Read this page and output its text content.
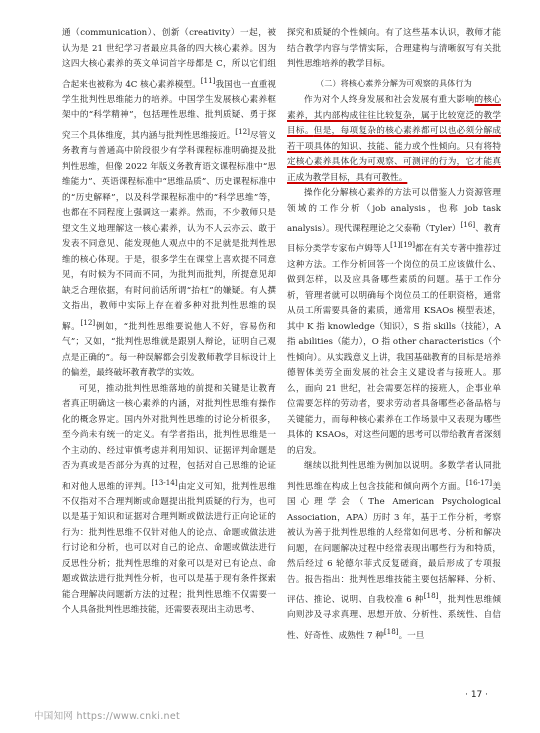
通（communication）、创新（creativity）一起，被认为是 21 世纪学习者最应具备的四大核心素养。因为这四大核心素养的英文单词首字母都是 C，所以它们组合起来也被称为 4C 核心素养模型。[11]我国也一直重视学生批判性思维能力的培养。中国学生发展核心素养框架中的“科学精神”，包括理性思维、批判质疑、勇于探究三个具体维度，其内涵与批判性思维接近。[12]尽管义务教育与普通高中阶段很少有学科课程标准明确提及批判性思维，但像 2022 年版义务教育语文课程标准中“思维能力”、英语课程标准中“思维品质”、历史课程标准中的“历史解释”，以及科学课程标准中的“科学思维”等，也都在不同程度上强调这一素养。然而，不少教师只是望文生义地理解这一核心素养，认为不人云亦云、敢于发表不同意见、能发现他人观点中的不足就是批判性思维的核心体现。于是，很多学生在课堂上喜欢提不同意见，有时候为不同而不同，为批判而批判，所提意见却缺乏合理依据，有时问前话所谓“抬杠”的嫌疑。有人撰文指出，教师中实际上存在着多种对批判性思维的误解。[12]例如，“批判性思维要说他人不好，容易伤和气”；又如，“批判性思维就是跟别人辩论，证明自己观点是正确的”。每一种误解都会引发教师教学目标设计上的偏差，最终破坏教育教学的实效。

可见，推动批判性思维落地的前提和关键是让教育者真正明确这一核心素养的内涵，对批判性思维有操作化的概念界定。国内外对批判性思维的讨论分析很多，至今尚未有统一的定义。有学者指出，批判性思维是一个主动的、经过审慎考虑并利用知识、证据评判命题是否为真或是否部分为真的过程，包括对自己思维的论证和对他人思维的评判。[13-14]由定义可知，批判性思维不仅指对不合理判断或命题提出批判质疑的行为，也可以是基于知识和证据对合理判断或做法进行正向论证的行为：批判性思维不仅针对他人的论点、命题或做法进行讨论和分析，也可以对自己的论点、命题或做法进行反思性分析；批判性思维的对象可以是对已有论点、命题或做法进行批判性分析，也可以是基于现有条件探索能合理解决问题新方法的过程；批判性思维不仅需要一个人具备批判性思维技能，还需要表现出主动思考、

探究和质疑的个性倾向。有了这些基本认识，教师才能结合教学内容与学情实际，合理建构与清晰叙写有关批判性思维培养的教学目标。

（二）将核心素养分解为可观察的具体行为

作为对个人终身发展和社会发展有重大影响的核心素养，其内部构成往往比较复杂，属于比较宽泛的教学目标。但是，每项复杂的核心素养都可以也必须分解成若干项具体的知识、技能、能力或个性倾向。只有将特定核心素养具体化为可观察、可测评的行为，它才能真正成为教学目标，具有可教性。

操作化分解核心素养的方法可以借鉴人力资源管理领域的工作分析（job analysis，也称 job task analysis）。现代课程理论之父泰勒（Tyler）[16]、教育目标分类学专家布卢姆等人[1][19]都在有关专著中推荐过这种方法。工作分析回答一个岗位的员工应该做什么、做到怎样，以及应具备哪些素质的问题。基于工作分析，管理者就可以明确每个岗位员工的任职资格，通常从员工所需要具备的素质，通常用 KSAOs 模型表述，其中 K 指 knowledge（知识），S 指 skills（技能），A 指 abilities（能力），O 指 other characteristics（个性倾向）。从实践意义上讲，我国基础教育的目标是培养德智体美劳全面发展的社会主义建设者与接班人。那么，面向 21 世纪，社会需要怎样的接班人，企事业单位需要怎样的劳动者，要求劳动者具备哪些必备品格与关键能力，而每种核心素养在工作场景中又表现为哪些具体的 KSAOs，对这些问题的思考可以带给教育者深刻的启发。

继续以批判性思维为例加以说明。多数学者认同批判性思维在构成上包含技能和倾向两个方面。[16-17]美国心理学会（The American Psychological Association，APA）历时 3 年，基于工作分析，考察被认为善于批判性思维的人经常如何思考、分析和解决问题，在问题解决过程中经常表现出哪些行为和特质，然后经过 6 轮德尔菲式反复磋商，最后形成了专项报告。报告指出：批判性思维技能主要包括解释、分析、评估、推论、说明、自我校准 6 种[18]，批判性思维倾向则涉及寻求真理、思想开放、分析性、系统性、自信性、好奇性、成熟性 7 种[18]。一旦

· 17 ·
中国知网 https://www.cnki.net
